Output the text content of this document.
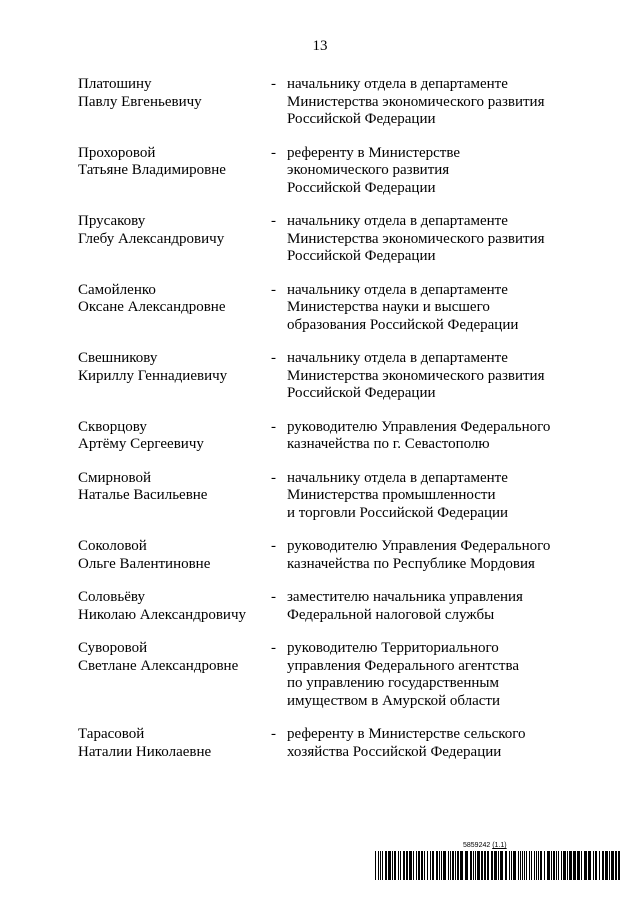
13
Платошину
Павлу Евгеньевичу
- начальнику отдела в департаменте
Министерства экономического развития
Российской Федерации
Прохоровой
Татьяне Владимировне
- референту в Министерстве
экономического развития
Российской Федерации
Прусакову
Глебу Александровичу
- начальнику отдела в департаменте
Министерства экономического развития
Российской Федерации
Самойленко
Оксане Александровне
- начальнику отдела в департаменте
Министерства науки и высшего
образования Российской Федерации
Свешникову
Кириллу Геннадиевичу
- начальнику отдела в департаменте
Министерства экономического развития
Российской Федерации
Скворцову
Артёму Сергеевичу
- руководителю Управления Федерального
казначейства по г. Севастополю
Смирновой
Наталье Васильевне
- начальнику отдела в департаменте
Министерства промышленности
и торговли Российской Федерации
Соколовой
Ольге Валентиновне
- руководителю Управления Федерального
казначейства по Республике Мордовия
Соловьёву
Николаю Александровичу
- заместителю начальника управления
Федеральной налоговой службы
Суворовой
Светлане Александровне
- руководителю Территориального
управления Федерального агентства
по управлению государственным
имуществом в Амурской области
Тарасовой
Наталии Николаевне
- референту в Министерстве сельского
хозяйства Российской Федерации
5859242 (1.1)
